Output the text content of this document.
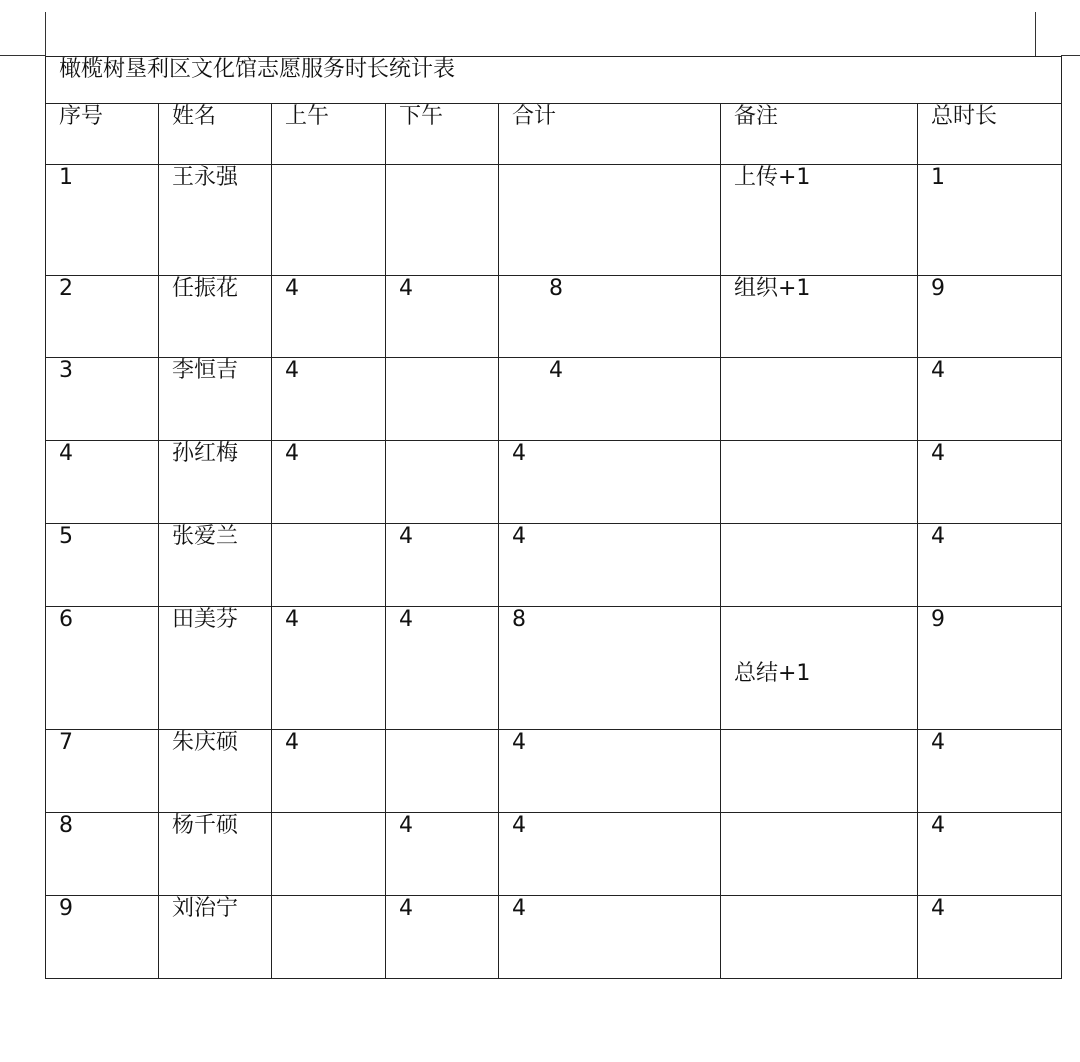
橄榄树垦利区文化馆志愿服务时长统计表						
序号	姓名	上午	下午	合计	备注	总时长
1	王永强				上传+1	1
2	任振花	4	4	8	组织+1	9
3	李恒吉	4		4		4
4	孙红梅	4		4		4
5	张爱兰		4	4		4
6	田美芬	4	4	8	总结+1	9
7	朱庆硕	4		4		4
8	杨千硕		4	4		4
9	刘治宁		4	4		4
